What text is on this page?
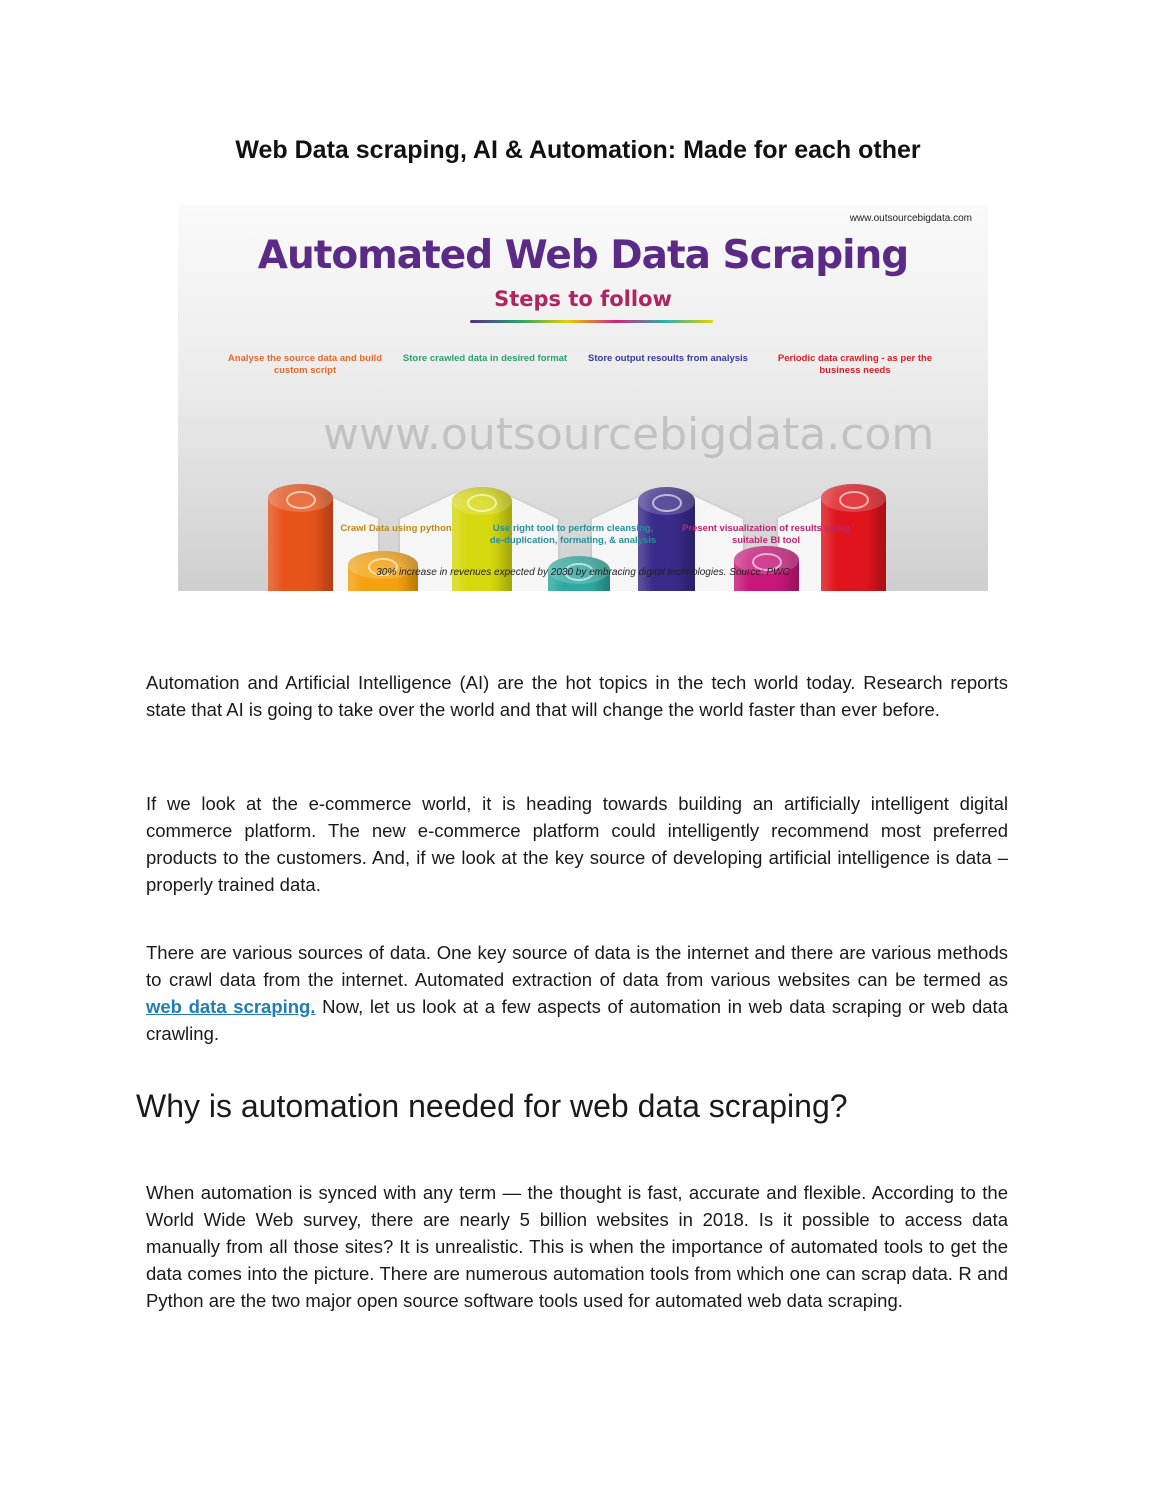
Web Data scraping, AI & Automation: Made for each other
www.outsourcebigdata.com
Automated Web Data Scraping
Steps to follow
www.outsourcebigdata.com
Analyse the source data and build custom script
Crawl Data using python
Store crawled data in desired format
Use right tool to perform cleansing, de-duplication, formating, & analysis
Store output resoults from analysis
Present visualization of results using suitable BI tool
Periodic data crawling - as per the business needs
30% increase in revenues expected by 2030 by embracing digital technologies. Source: PWC
Automation and Artificial Intelligence (AI) are the hot topics in the tech world today. Research reports state that AI is going to take over the world and that will change the world faster than ever before.
If we look at the e-commerce world, it is heading towards building an artificially intelligent digital commerce platform. The new e-commerce platform could intelligently recommend most preferred products to the customers. And, if we look at the key source of developing artificial intelligence is data – properly trained data.
There are various sources of data. One key source of data is the internet and there are various methods to crawl data from the internet. Automated extraction of data from various websites can be termed as web data scraping. Now, let us look at a few aspects of automation in web data scraping or web data crawling.
Why is automation needed for web data scraping?
When automation is synced with any term — the thought is fast, accurate and flexible. According to the World Wide Web survey, there are nearly 5 billion websites in 2018. Is it possible to access data manually from all those sites? It is unrealistic. This is when the importance of automated tools to get the data comes into the picture. There are numerous automation tools from which one can scrap data. R and Python are the two major open source software tools used for automated web data scraping.
